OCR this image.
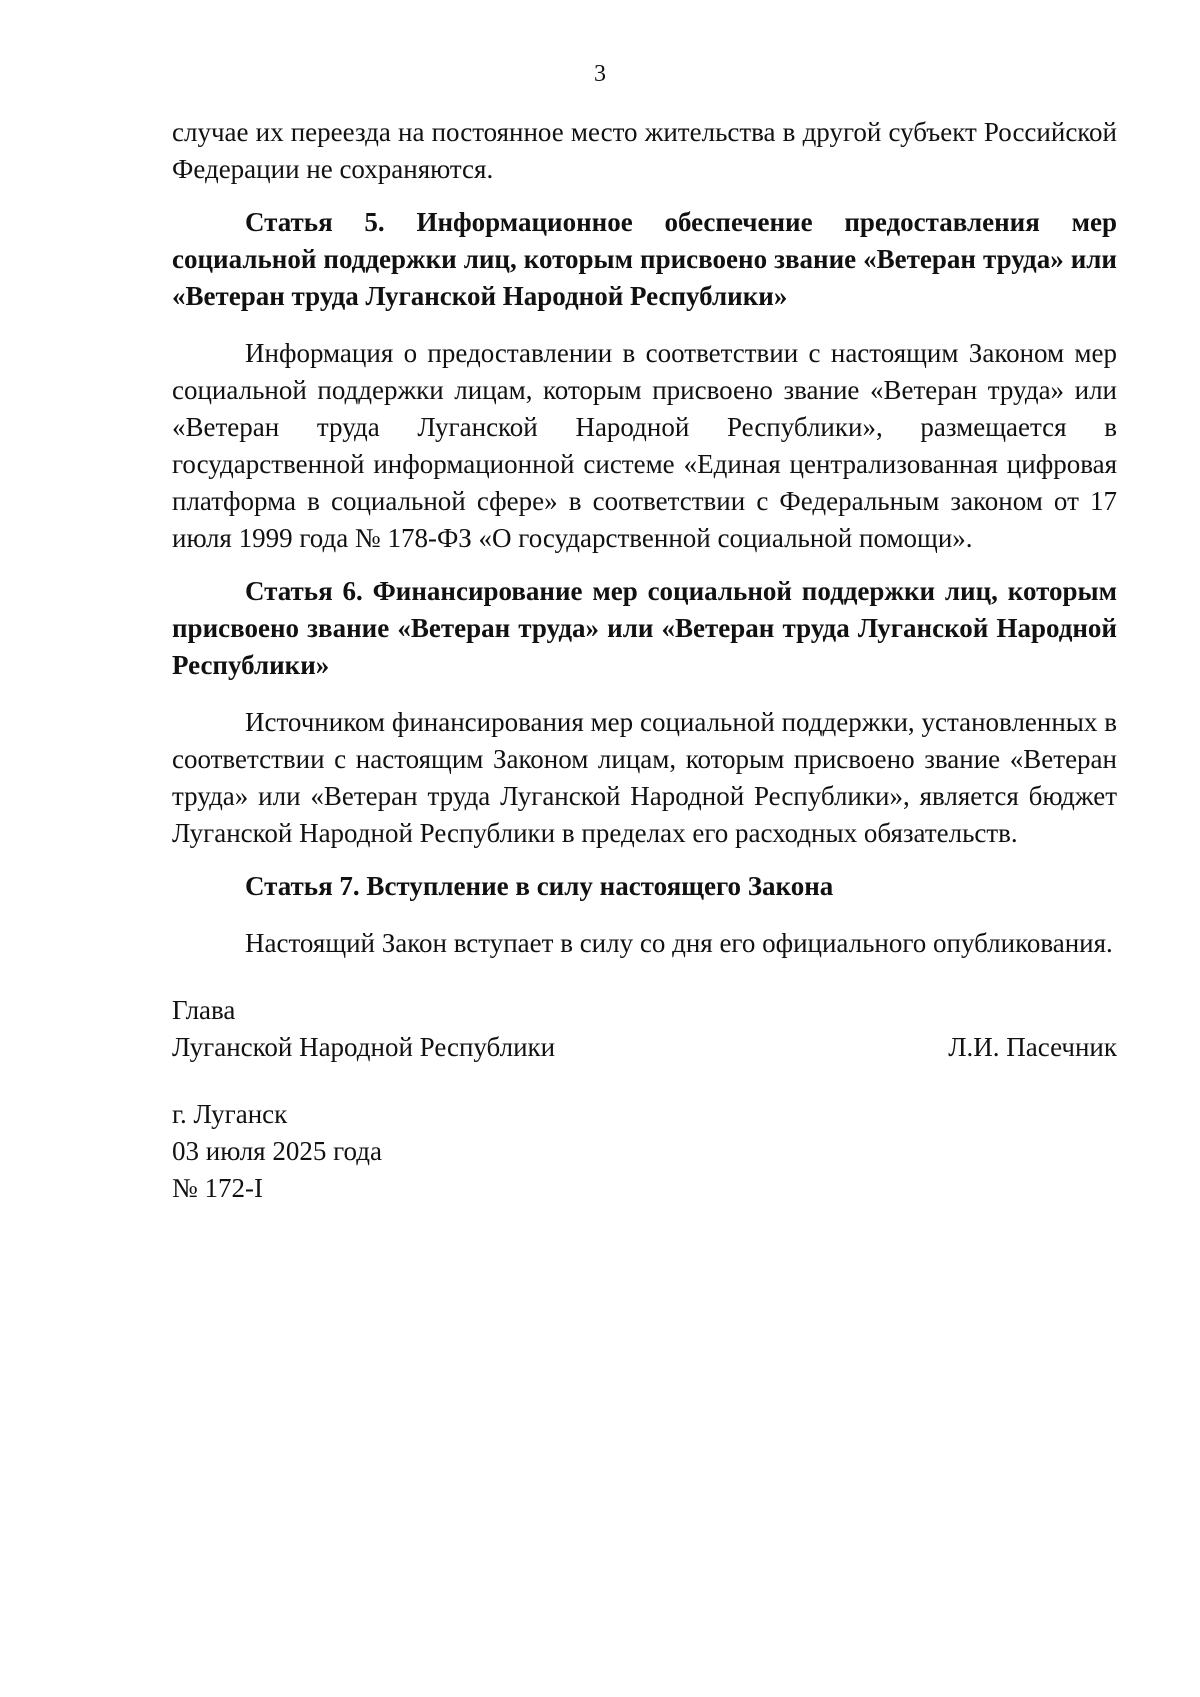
3

случае их переезда на постоянное место жительства в другой субъект Российской Федерации не сохраняются.

Статья 5. Информационное обеспечение предоставления мер социальной поддержки лиц, которым присвоено звание «Ветеран труда» или «Ветеран труда Луганской Народной Республики»

Информация о предоставлении в соответствии с настоящим Законом мер социальной поддержки лицам, которым присвоено звание «Ветеран труда» или «Ветеран труда Луганской Народной Республики», размещается в государственной информационной системе «Единая централизованная цифровая платформа в социальной сфере» в соответствии с Федеральным законом от 17 июля 1999 года № 178-ФЗ «О государственной социальной помощи».

Статья 6. Финансирование мер социальной поддержки лиц, которым присвоено звание «Ветеран труда» или «Ветеран труда Луганской Народной Республики»

Источником финансирования мер социальной поддержки, установленных в соответствии с настоящим Законом лицам, которым присвоено звание «Ветеран труда» или «Ветеран труда Луганской Народной Республики», является бюджет Луганской Народной Республики в пределах его расходных обязательств.

Статья 7. Вступление в силу настоящего Закона

Настоящий Закон вступает в силу со дня его официального опубликования.

Глава
Луганской Народной Республики	Л.И. Пасечник
г. Луганск
03 июля 2025 года
№ 172-I
